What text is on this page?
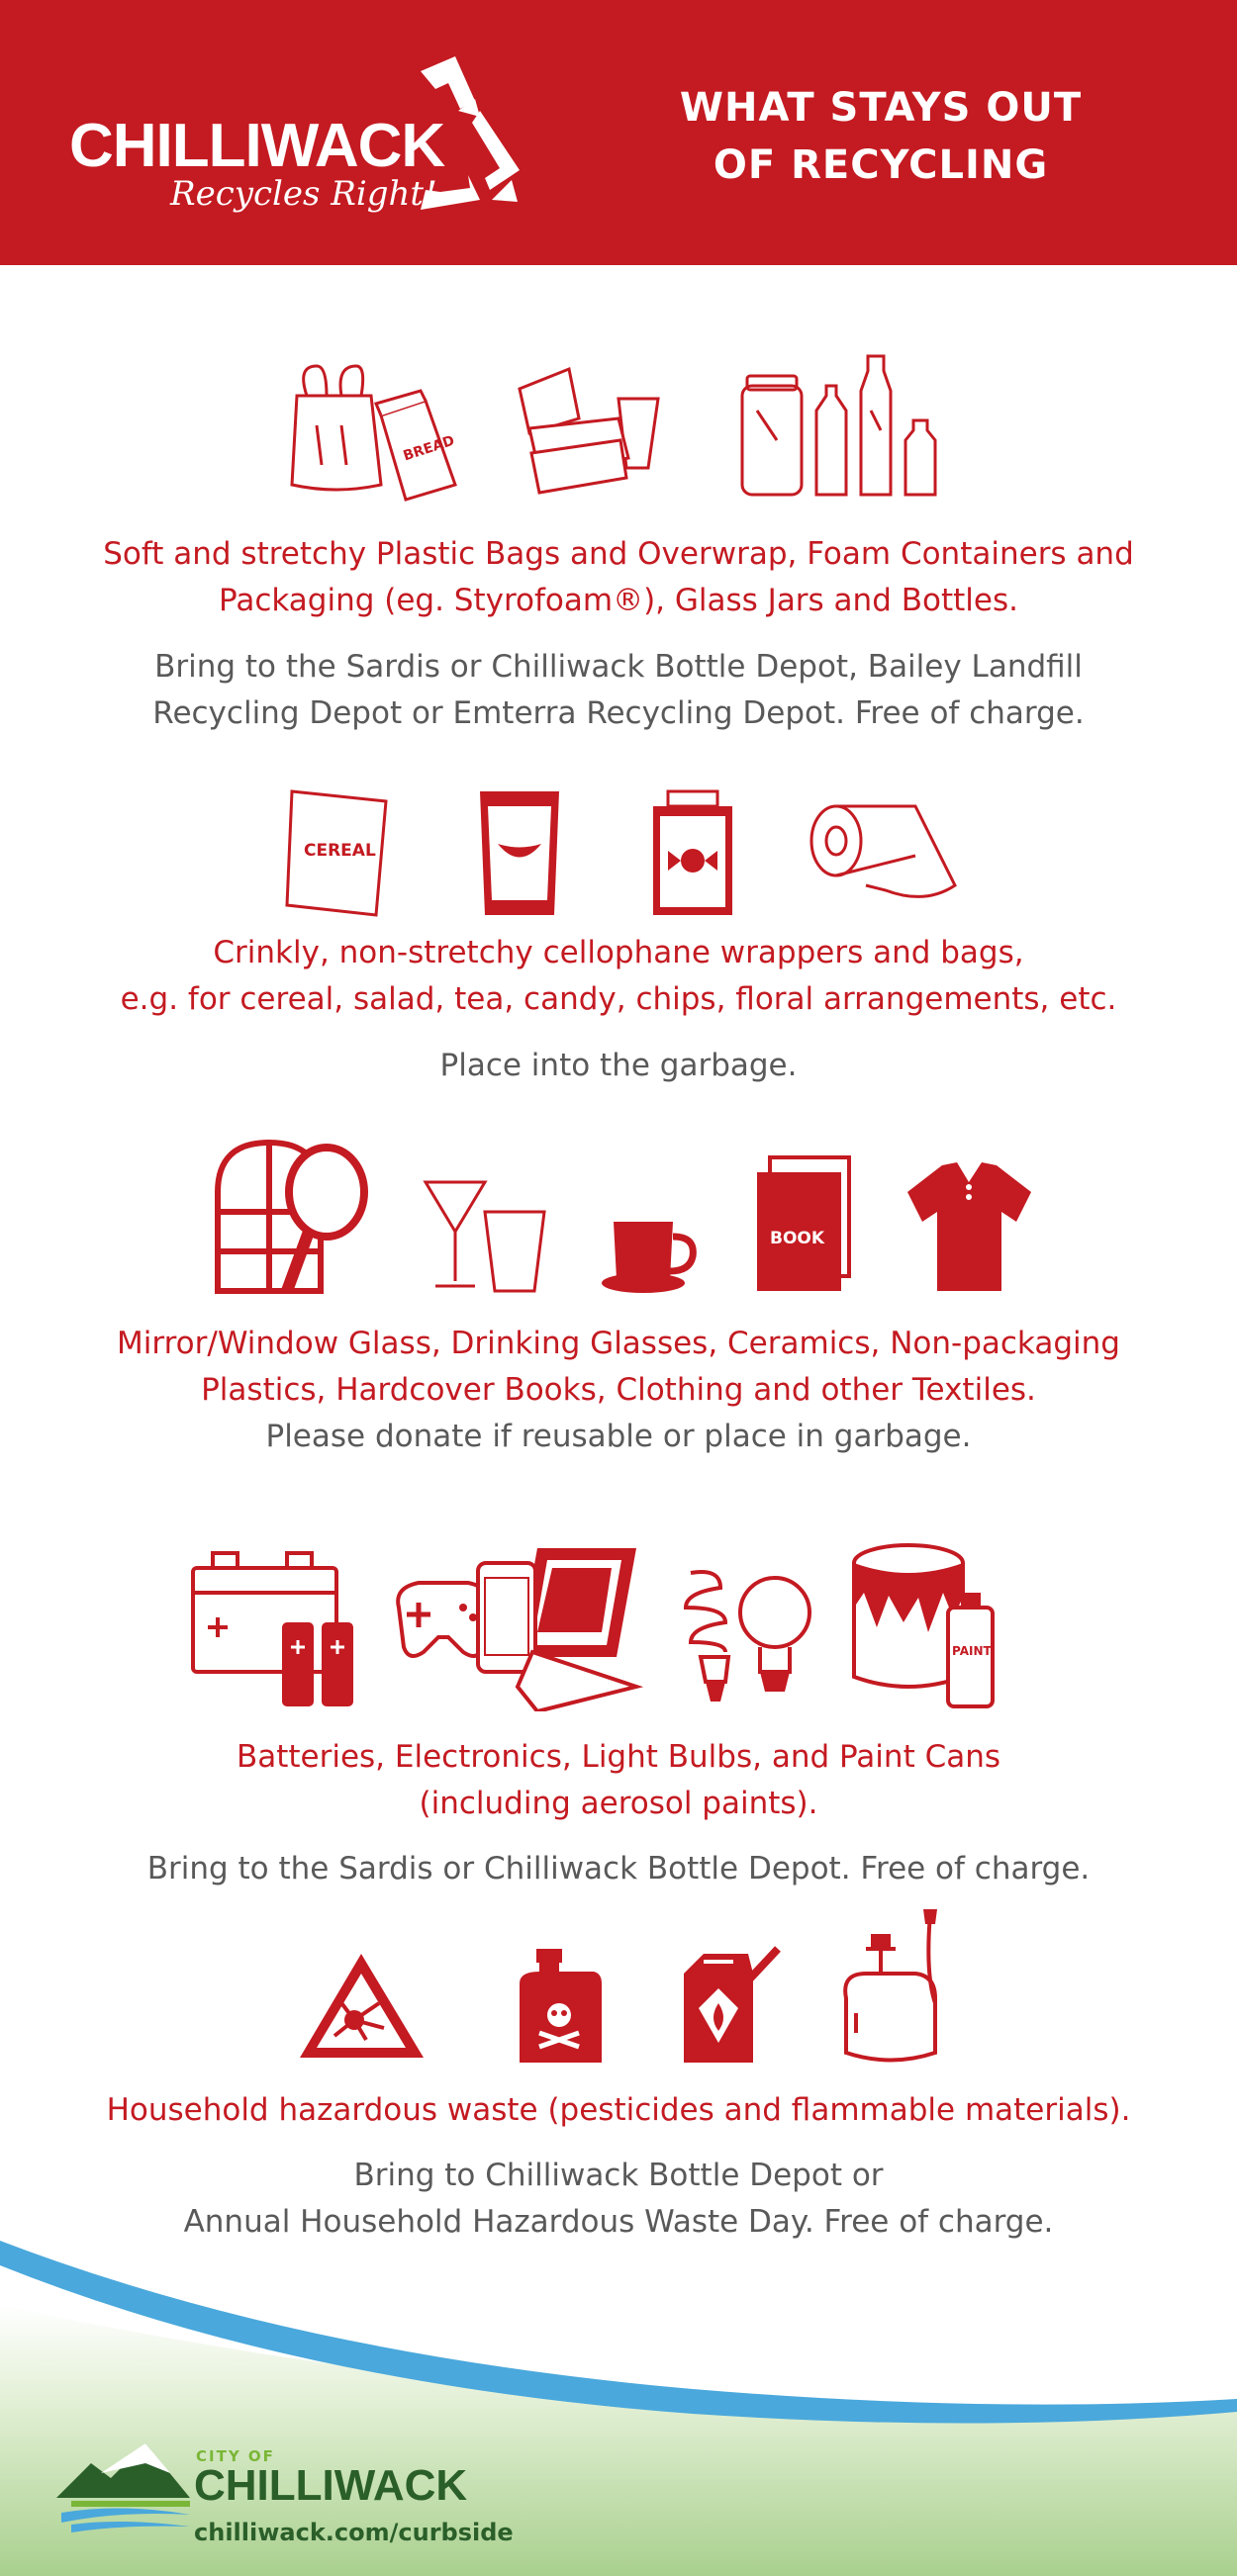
CHILLIWACK
Recycles Right!
WHAT STAYS OUT
OF RECYCLING
BREAD
Soft and stretchy Plastic Bags and Overwrap, Foam Containers and
Packaging (eg. Styrofoam®), Glass Jars and Bottles.
Bring to the Sardis or Chilliwack Bottle Depot, Bailey Landfill
Recycling Depot or Emterra Recycling Depot. Free of charge.
CEREAL
Crinkly, non-stretchy cellophane wrappers and bags,
e.g. for cereal, salad, tea, candy, chips, floral arrangements, etc.
Place into the garbage.
BOOK
Mirror/Window Glass, Drinking Glasses, Ceramics, Non-packaging
Plastics, Hardcover Books, Clothing and other Textiles.
Please donate if reusable or place in garbage.
PAINT
Batteries, Electronics, Light Bulbs, and Paint Cans
(including aerosol paints).
Bring to the Sardis or Chilliwack Bottle Depot. Free of charge.
Household hazardous waste (pesticides and flammable materials).
Bring to Chilliwack Bottle Depot or
Annual Household Hazardous Waste Day. Free of charge.
CITY OF
CHILLIWACK
chilliwack.com/curbside
